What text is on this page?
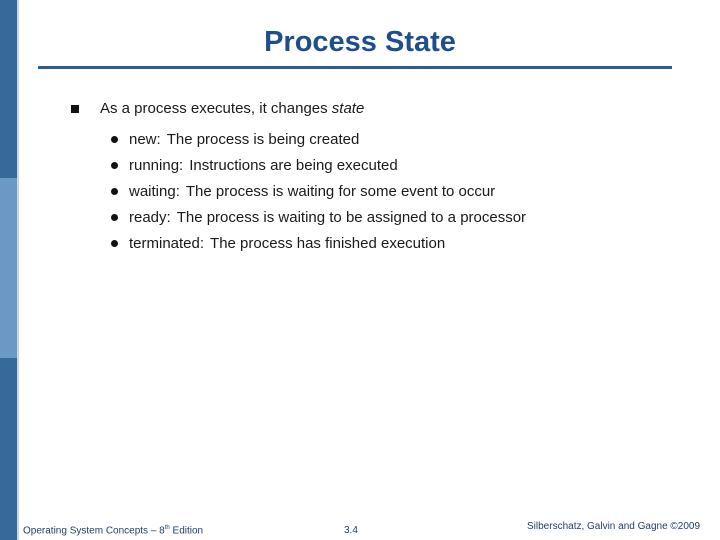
Process State
As a process executes, it changes state
new : The process is being created
running : Instructions are being executed
waiting : The process is waiting for some event to occur
ready : The process is waiting to be assigned to a processor
terminated : The process has finished execution
Operating System Concepts – 8th Edition	3.4	Silberschatz, Galvin and Gagne ©2009
